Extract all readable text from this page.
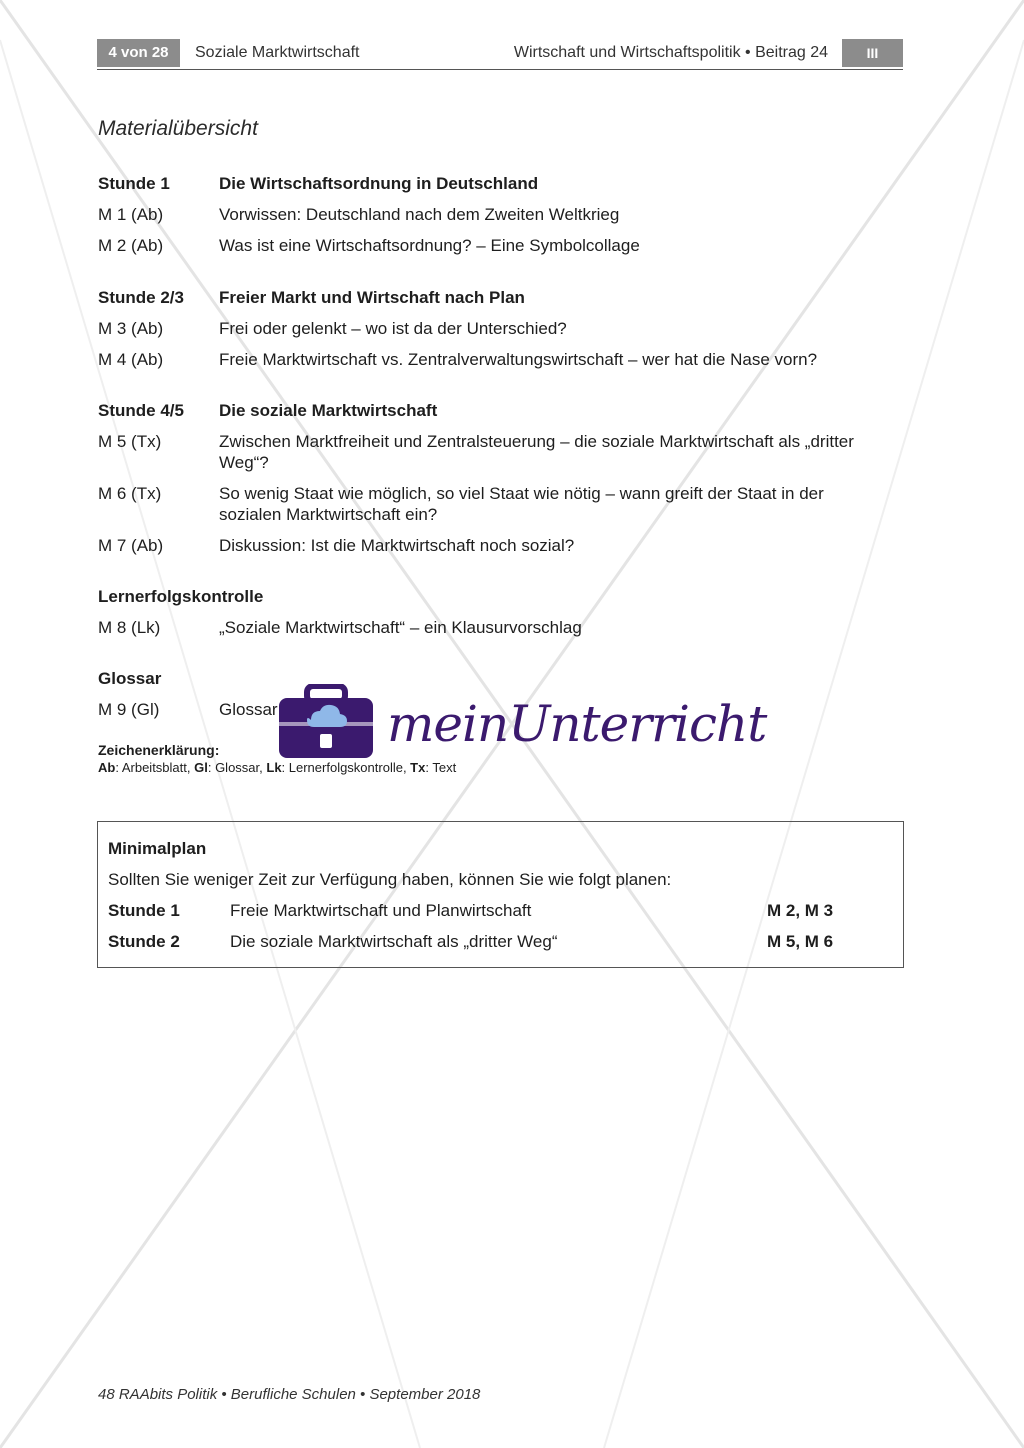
4 von 28	Soziale Marktwirtschaft	Wirtschaft und Wirtschaftspolitik • Beitrag 24	III
Materialübersicht
Stunde 1	Die Wirtschaftsordnung in Deutschland
M 1 (Ab)	Vorwissen: Deutschland nach dem Zweiten Weltkrieg
M 2 (Ab)	Was ist eine Wirtschaftsordnung? – Eine Symbolcollage
Stunde 2/3	Freier Markt und Wirtschaft nach Plan
M 3 (Ab)	Frei oder gelenkt – wo ist da der Unterschied?
M 4 (Ab)	Freie Marktwirtschaft vs. Zentralverwaltungswirtschaft – wer hat die Nase vorn?
Stunde 4/5	Die soziale Marktwirtschaft
M 5 (Tx)	Zwischen Marktfreiheit und Zentralsteuerung – die soziale Marktwirtschaft als „dritter Weg“?
M 6 (Tx)	So wenig Staat wie möglich, so viel Staat wie nötig – wann greift der Staat in der sozialen Marktwirtschaft ein?
M 7 (Ab)	Diskussion: Ist die Marktwirtschaft noch sozial?
Lernerfolgskontrolle
M 8 (Lk)	„Soziale Marktwirtschaft“ – ein Klausurvorschlag
Glossar
M 9 (Gl)	Glossar
Zeichenerklärung:
Ab: Arbeitsblatt, Gl: Glossar, Lk: Lernerfolgskontrolle, Tx: Text
meinUnterricht
Minimalplan
Sollten Sie weniger Zeit zur Verfügung haben, können Sie wie folgt planen:
Stunde 1	Freie Marktwirtschaft und Planwirtschaft	M 2, M 3
Stunde 2	Die soziale Marktwirtschaft als „dritter Weg“	M 5, M 6
48 RAAbits Politik • Berufliche Schulen • September 2018
